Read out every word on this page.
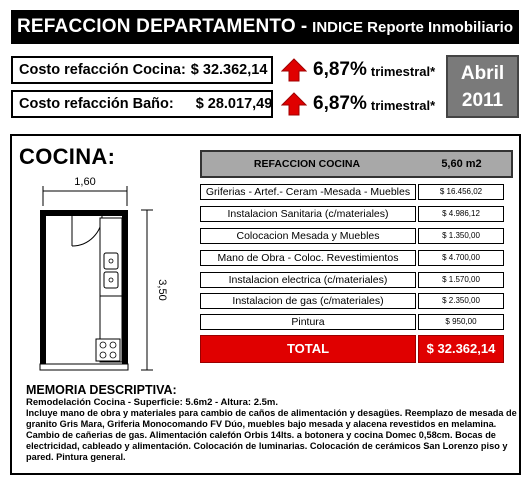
REFACCION DEPARTAMENTO - INDICE Reporte Inmobiliario
Costo refacción Cocina: $ 32.362,14
Costo refacción Baño: $ 28.017,49
6,87% trimestral*
6,87% trimestral*
Abril
2011
COCINA:
1,60
3,50
REFACCION COCINA	5,60 m2
Griferias - Artef.- Ceram -Mesada - Muebles	$ 16.456,02
Instalacion Sanitaria (c/materiales)	$ 4.986,12
Colocacion Mesada y Muebles	$ 1.350,00
Mano de Obra - Coloc. Revestimientos	$ 4.700,00
Instalacion electrica (c/materiales)	$ 1.570,00
Instalacion de gas (c/materiales)	$ 2.350,00
Pintura	$ 950,00
TOTAL	$ 32.362,14
MEMORIA DESCRIPTIVA:
Remodelación Cocina - Superficie: 5.6m2 - Altura: 2.5m.
Incluye mano de obra y materiales para cambio de caños de alimentación y desagües. Reemplazo de mesada de granito Gris Mara, Griferia Monocomando FV Dúo, muebles bajo mesada y alacena revestidos en melamina. Cambio de cañerias de gas. Alimentación calefón Orbis 14lts. a botonera y cocina Domec 0,58cm. Bocas de electricidad, cableado y alimentación. Colocación de luminarias. Colocación de cerámicos San Lorenzo piso y pared. Pintura general.
